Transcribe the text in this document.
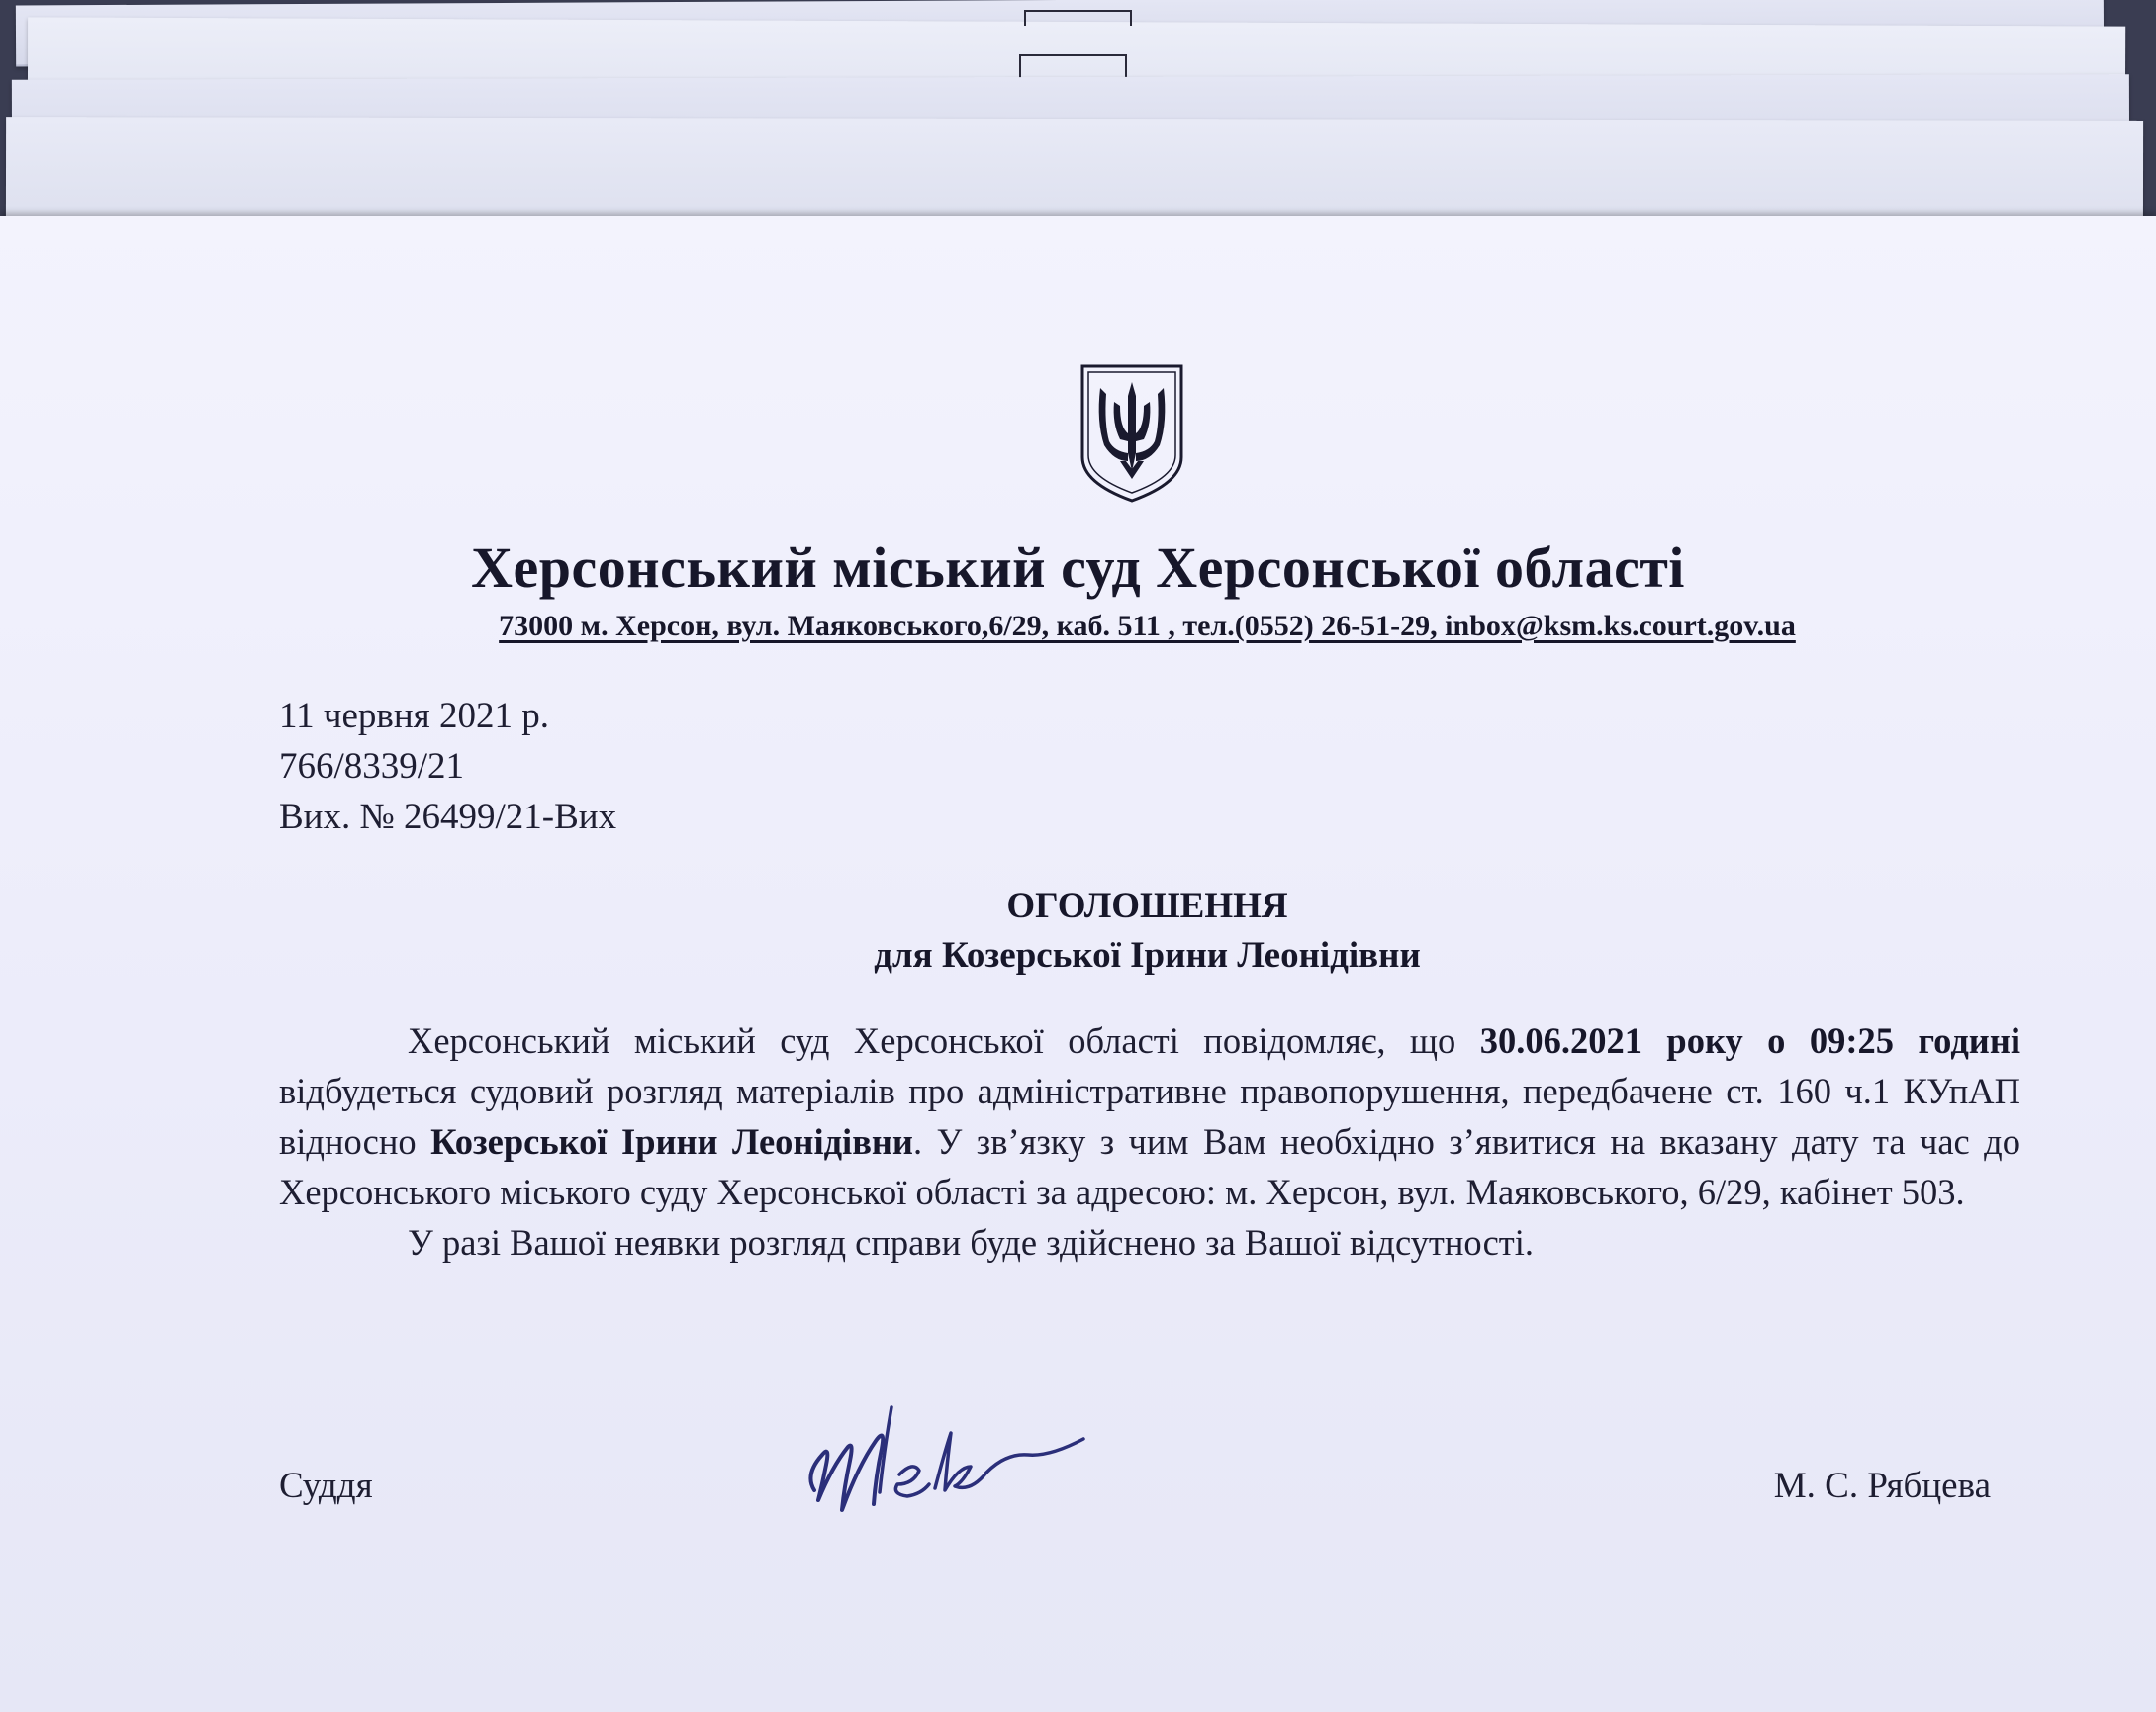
Херсонський міський суд Херсонської області
73000 м. Херсон, вул. Маяковського,6/29, каб. 511 , тел.(0552) 26-51-29, inbox@ksm.ks.court.gov.ua
11 червня 2021 р.
766/8339/21
Вих. № 26499/21-Вих
ОГОЛОШЕННЯ
для Козерської Ірини Леонідівни

Херсонський міський суд Херсонської області повідомляє, що 30.06.2021 року о 09:25 годині відбудеться судовий розгляд матеріалів про адміністративне правопорушення, передбачене ст. 160 ч.1 КУпАП відносно Козерської Ірини Леонідівни. У зв’язку з чим Вам необхідно з’явитися на вказану дату та час до Херсонського міського суду Херсонської області за адресою: м. Херсон, вул. Маяковського, 6/29, кабінет 503.

У разі Вашої неявки розгляд справи буде здійснено за Вашої відсутності.

Суддя	М. С. Рябцева
